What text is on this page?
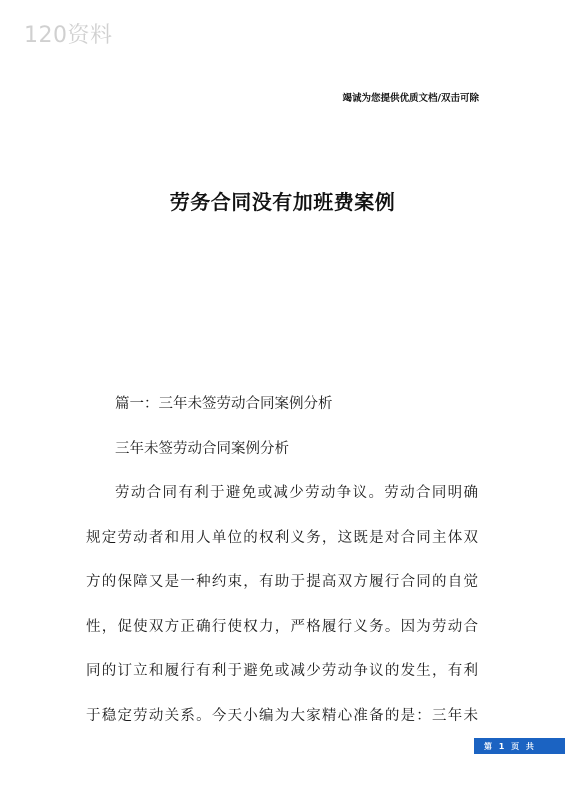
120资料
竭诚为您提供优质文档/双击可除
劳务合同没有加班费案例

篇一：三年未签劳动合同案例分析

三年未签劳动合同案例分析

劳动合同有利于避免或减少劳动争议。劳动合同明确
规定劳动者和用人单位的权利义务，这既是对合同主体双
方的保障又是一种约束，有助于提高双方履行合同的自觉
性，促使双方正确行使权力，严格履行义务。因为劳动合
同的订立和履行有利于避免或减少劳动争议的发生，有利
于稳定劳动关系。今天小编为大家精心准备的是：三年未
第 1 页 共
